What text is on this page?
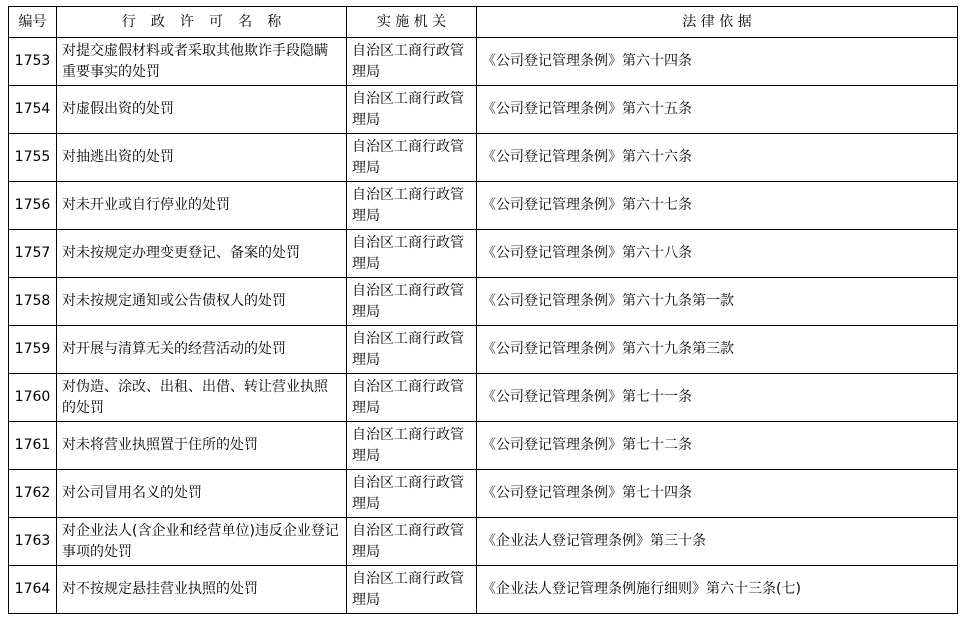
编号	行 政 许 可 名 称	实 施 机 关	法 律 依 据
1753	对提交虚假材料或者采取其他欺诈手段隐瞒重要事实的处罚	自治区工商行政管理局	《公司登记管理条例》第六十四条
1754	对虚假出资的处罚	自治区工商行政管理局	《公司登记管理条例》第六十五条
1755	对抽逃出资的处罚	自治区工商行政管理局	《公司登记管理条例》第六十六条
1756	对未开业或自行停业的处罚	自治区工商行政管理局	《公司登记管理条例》第六十七条
1757	对未按规定办理变更登记、备案的处罚	自治区工商行政管理局	《公司登记管理条例》第六十八条
1758	对未按规定通知或公告债权人的处罚	自治区工商行政管理局	《公司登记管理条例》第六十九条第一款
1759	对开展与清算无关的经营活动的处罚	自治区工商行政管理局	《公司登记管理条例》第六十九条第三款
1760	对伪造、涂改、出租、出借、转让营业执照的处罚	自治区工商行政管理局	《公司登记管理条例》第七十一条
1761	对未将营业执照置于住所的处罚	自治区工商行政管理局	《公司登记管理条例》第七十二条
1762	对公司冒用名义的处罚	自治区工商行政管理局	《公司登记管理条例》第七十四条
1763	对企业法人(含企业和经营单位)违反企业登记事项的处罚	自治区工商行政管理局	《企业法人登记管理条例》第三十条
1764	对不按规定悬挂营业执照的处罚	自治区工商行政管理局	《企业法人登记管理条例施行细则》第六十三条(七)
